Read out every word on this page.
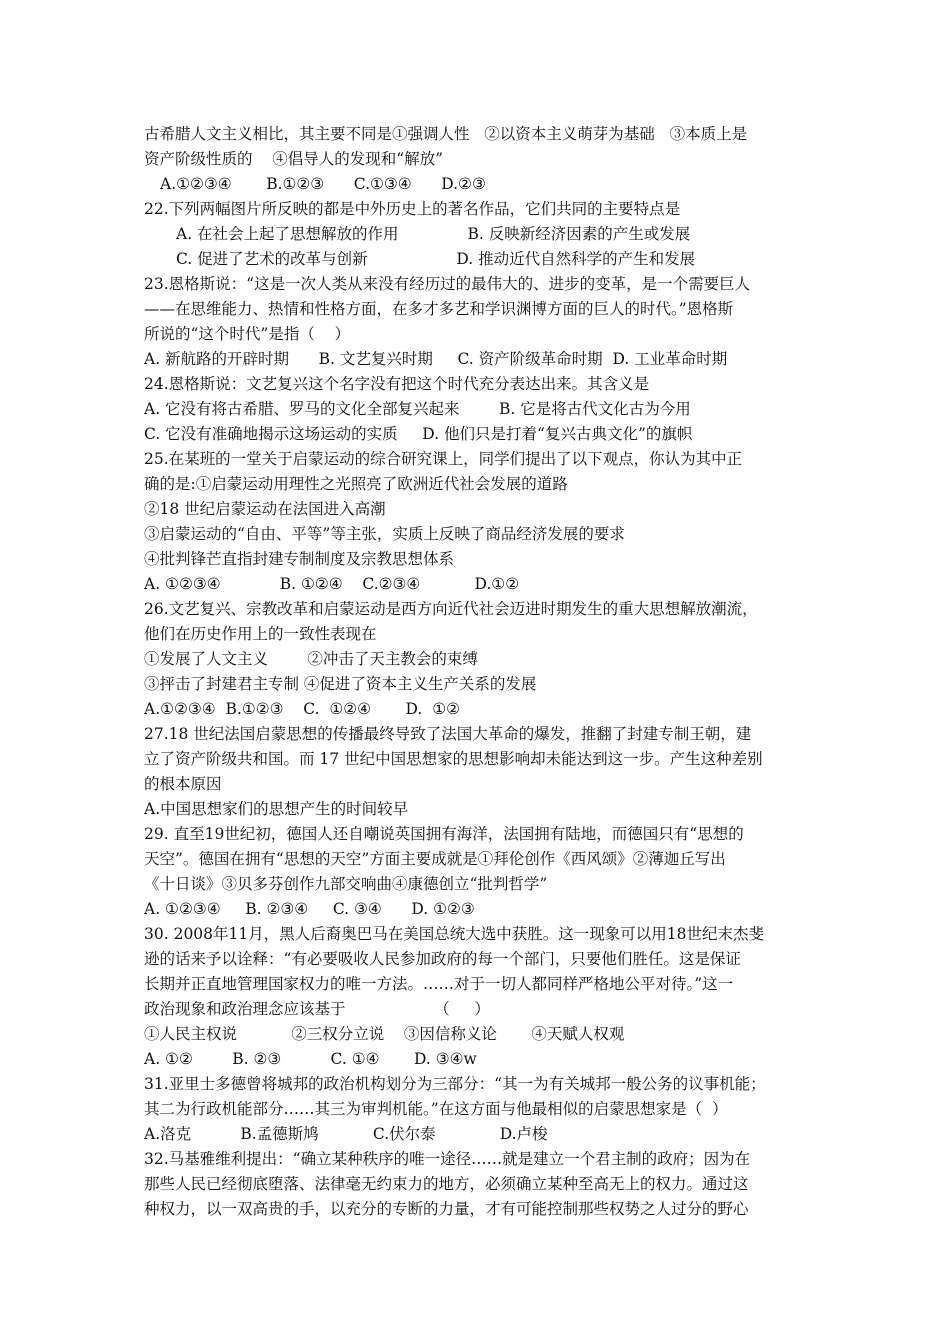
古希腊人文主义相比，其主要不同是①强调人性   ②以资本主义萌芽为基础   ③本质上是
资产阶级性质的    ④倡导人的发现和“解放”
A.①②③④       B.①②③      C.①③④      D.②③
22.下列两幅图片所反映的都是中外历史上的著名作品，它们共同的主要特点是
A. 在社会上起了思想解放的作用              B. 反映新经济因素的产生或发展
C. 促进了艺术的改革与创新                  D. 推动近代自然科学的产生和发展
23.恩格斯说：“这是一次人类从来没有经历过的最伟大的、进步的变革，是一个需要巨人
——在思维能力、热情和性格方面，在多才多艺和学识渊博方面的巨人的时代。”恩格斯
所说的“这个时代”是指（    ）
A. 新航路的开辟时期      B. 文艺复兴时期     C. 资产阶级革命时期  D. 工业革命时期
24.恩格斯说：文艺复兴这个名字没有把这个时代充分表达出来。其含义是
A. 它没有将古希腊、罗马的文化全部复兴起来        B. 它是将古代文化古为今用
C. 它没有准确地揭示这场运动的实质     D. 他们只是打着“复兴古典文化”的旗帜
25.在某班的一堂关于启蒙运动的综合研究课上，同学们提出了以下观点，你认为其中正
确的是:①启蒙运动用理性之光照亮了欧洲近代社会发展的道路
②18 世纪启蒙运动在法国进入高潮
③启蒙运动的“自由、平等”等主张，实质上反映了商品经济发展的要求
④批判锋芒直指封建专制制度及宗教思想体系
A. ①②③④            B. ①②④    C.②③④           D.①②
26.文艺复兴、宗教改革和启蒙运动是西方向近代社会迈进时期发生的重大思想解放潮流，
他们在历史作用上的一致性表现在
①发展了人文主义        ②冲击了天主教会的束缚
③抨击了封建君主专制 ④促进了资本主义生产关系的发展
A.①②③④  B.①②③    C.  ①②④       D.  ①②
27.18 世纪法国启蒙思想的传播最终导致了法国大革命的爆发，推翻了封建专制王朝，建
立了资产阶级共和国。而 17 世纪中国思想家的思想影响却未能达到这一步。产生这种差别
的根本原因
A.中国思想家们的思想产生的时间较早
29. 直至19世纪初，德国人还自嘲说英国拥有海洋，法国拥有陆地，而德国只有“思想的
天空”。德国在拥有“思想的天空”方面主要成就是①拜伦创作《西风颂》②薄迦丘写出
《十日谈》③贝多芬创作九部交响曲④康德创立“批判哲学”
A. ①②③④     B. ②③④     C. ③④      D. ①②③
30. 2008年11月，黑人后裔奥巴马在美国总统大选中获胜。这一现象可以用18世纪末杰斐
逊的话来予以诠释：“有必要吸收人民参加政府的每一个部门，只要他们胜任。这是保证
长期并正直地管理国家权力的唯一方法。……对于一切人都同样严格地公平对待。”这一
政治现象和政治理念应该基于                  （     ）
①人民主权说           ②三权分立说    ③因信称义论       ④天赋人权观
A. ①②        B. ②③          C. ①④       D. ③④w
31.亚里士多德曾将城邦的政治机构划分为三部分：“其一为有关城邦一般公务的议事机能；
其二为行政机能部分……其三为审判机能。”在这方面与他最相似的启蒙思想家是（  ）
A.洛克          B.孟德斯鸠           C.伏尔泰             D.卢梭
32.马基雅维利提出：“确立某种秩序的唯一途径……就是建立一个君主制的政府；因为在
那些人民已经彻底堕落、法律毫无约束力的地方，必须确立某种至高无上的权力。通过这
种权力，以一双高贵的手，以充分的专断的力量，才有可能控制那些权势之人过分的野心
